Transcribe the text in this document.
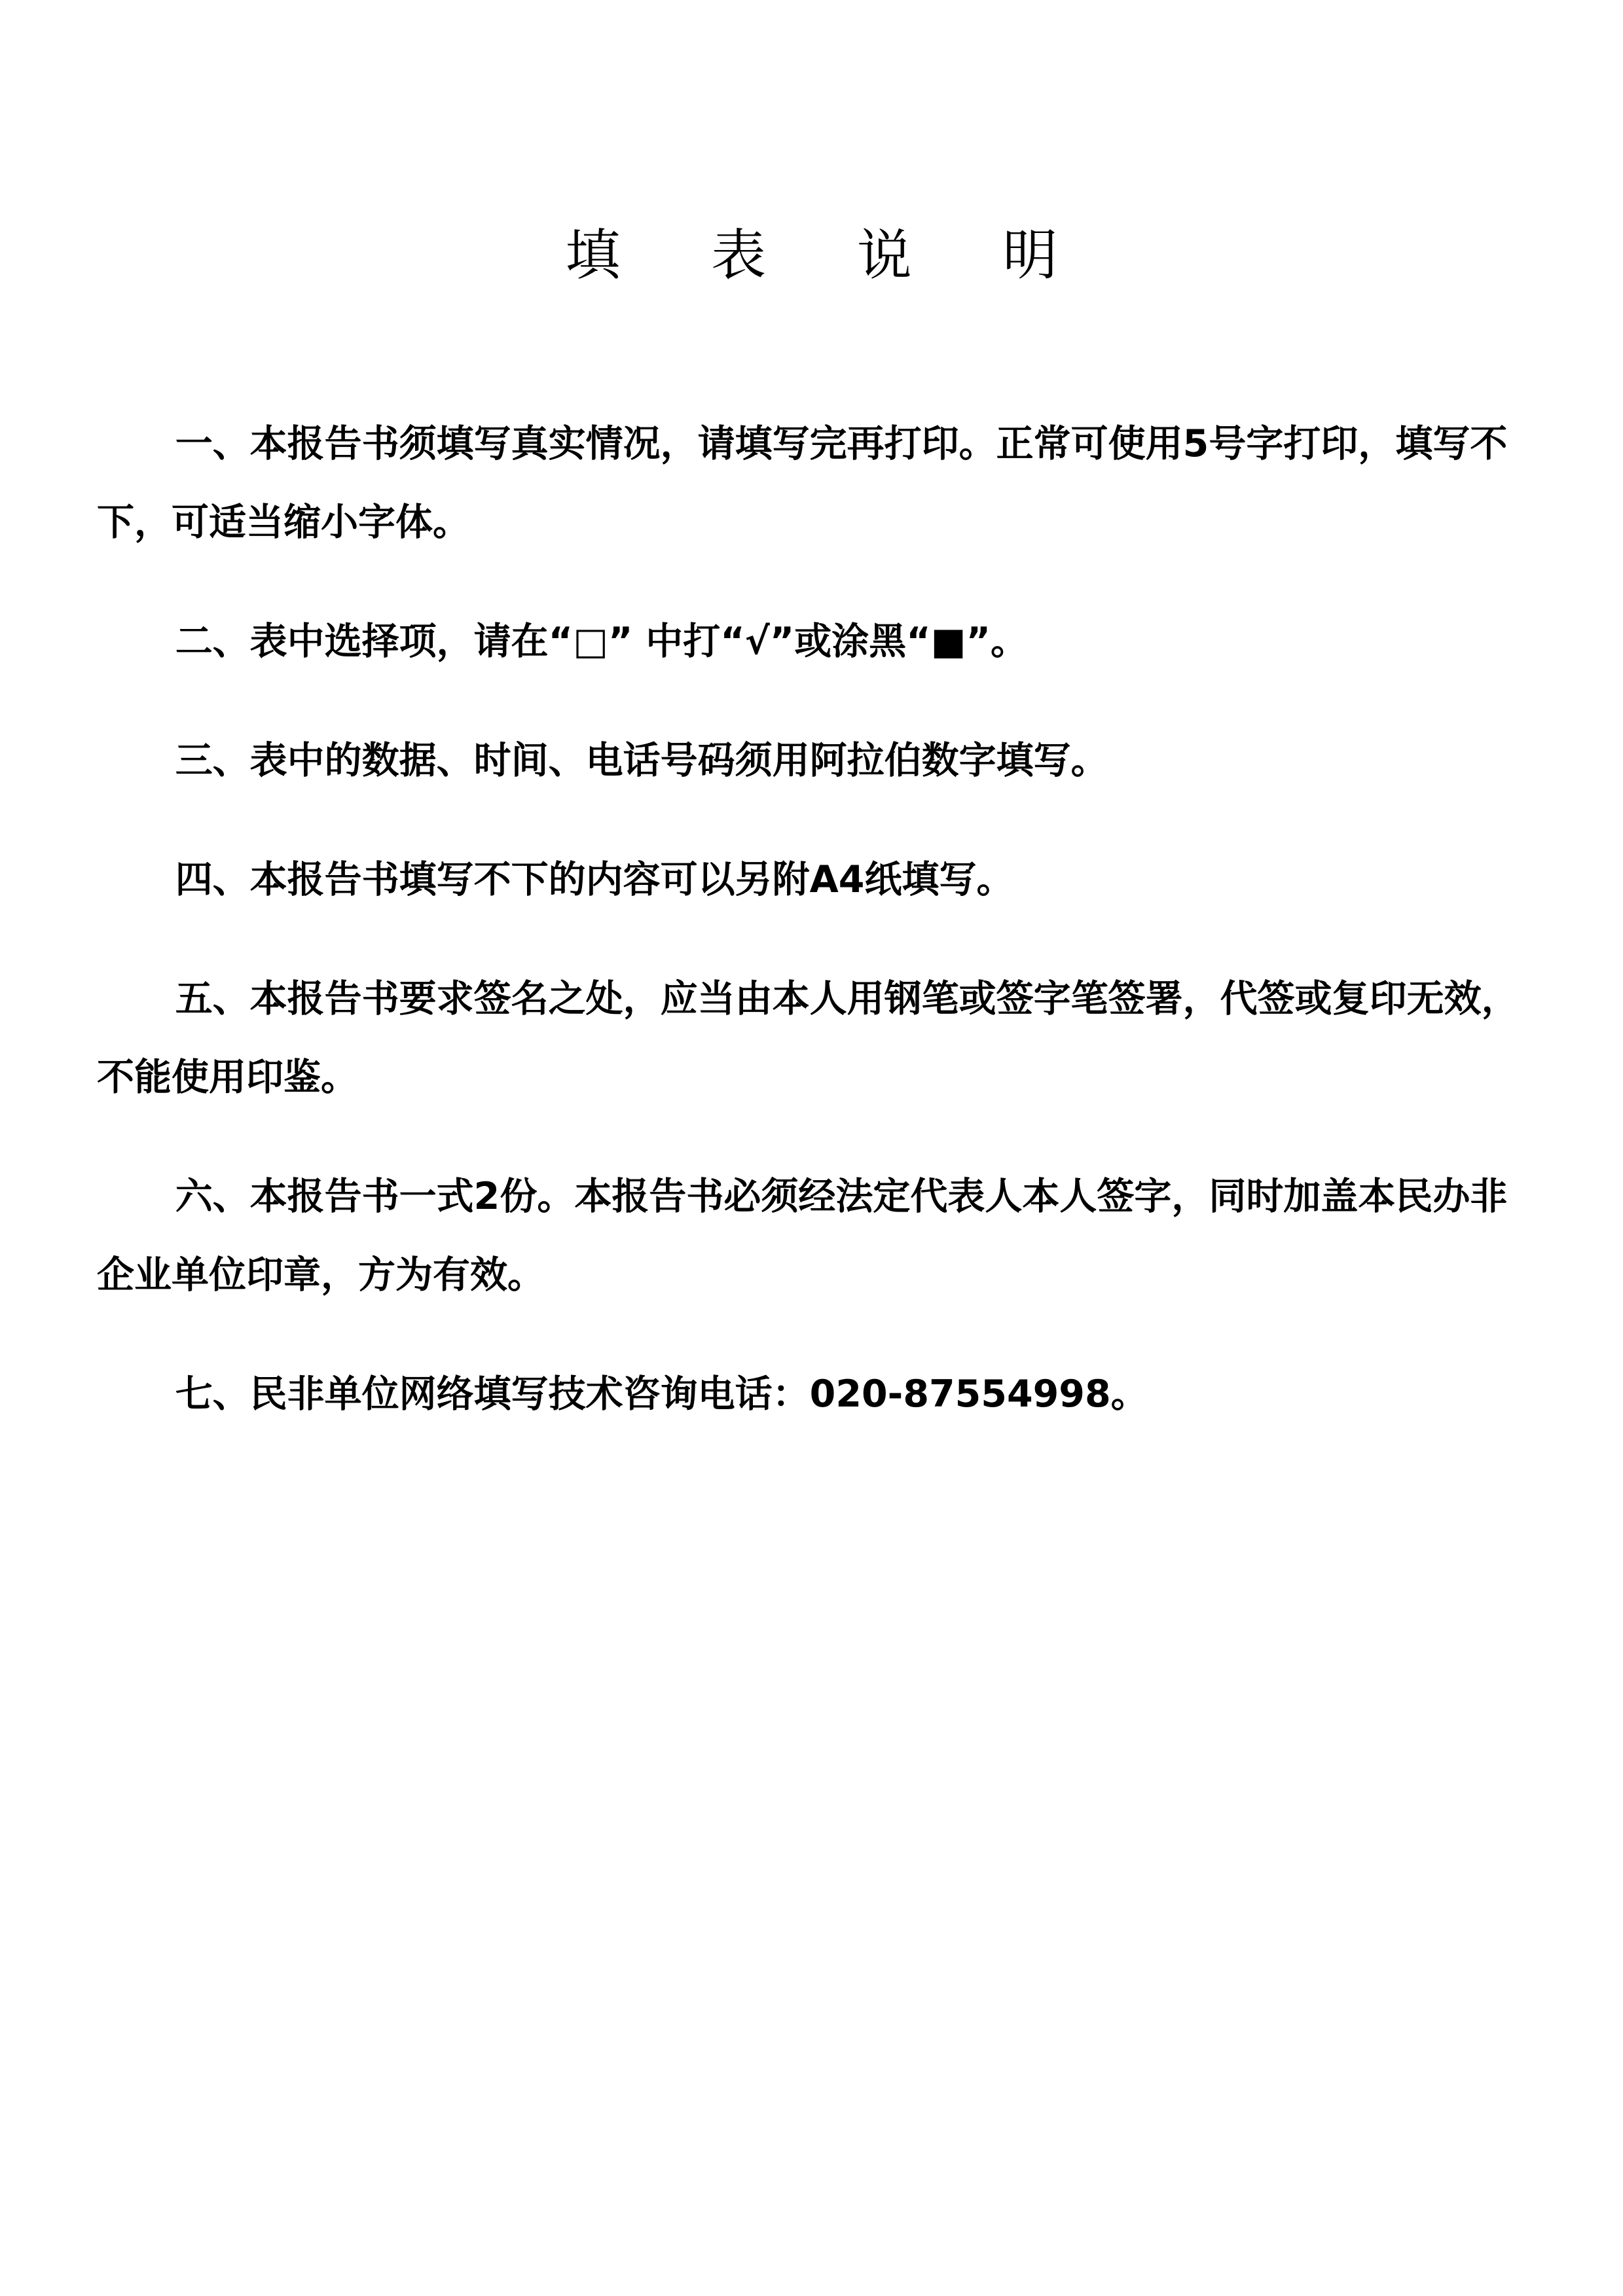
填 表 说 明

一、本报告书须填写真实情况，请填写完再打印。正常可使用5号字打印，填写不下，可适当缩小字体。

二、表中选择项，请在“□” 中打“√”或涂黑“■”。

三、表中的数据、时间、电话号码须用阿拉伯数字填写。

四、本报告书填写不下的内容可以另附A4纸填写。

五、本报告书要求签名之处，应当由本人用钢笔或签字笔签署，代签或复印无效，不能使用印鉴。

六、本报告书一式2份。本报告书必须经法定代表人本人签字，同时加盖本民办非企业单位印章，方为有效。

七、民非单位网络填写技术咨询电话：020-87554998。
